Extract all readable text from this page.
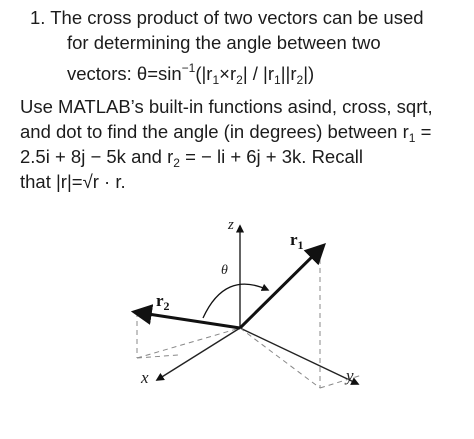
1. The cross product of two vectors can be used
for determining the angle between two
vectors: $\theta=\sin^{-1}(|r_1\times r_2| / |r_1||r_2|)$
Use MATLAB’s built-in functions asind, cross, sqrt,
and dot to find the angle (in degrees) between $r_1$ =
2.5i + 8j − 5k and $r_2$ = − li + 6j + 3k. Recall
that |r|=√r · r.
z
$r_1$
θ
$r_2$
x	y
